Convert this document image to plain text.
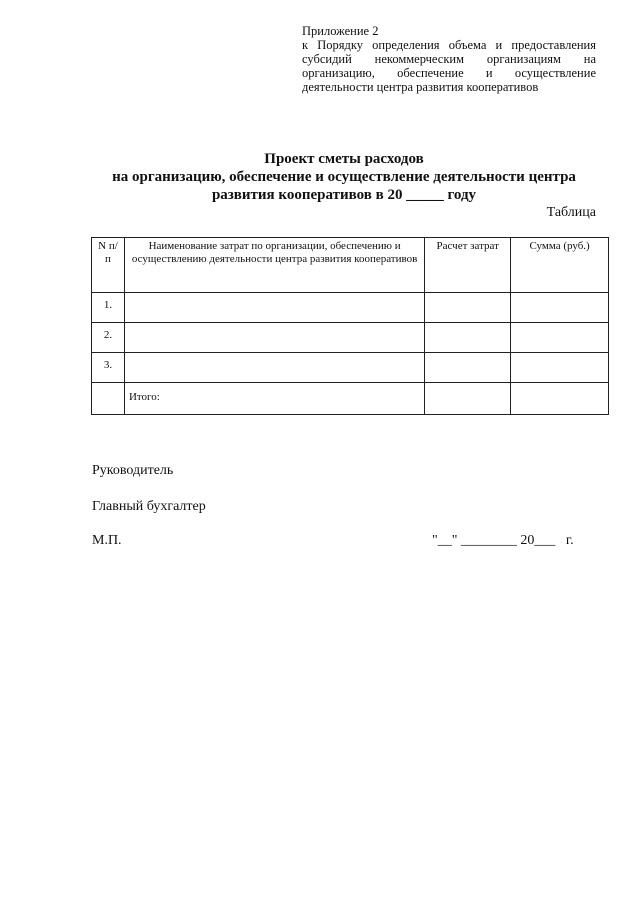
Приложение 2
к Порядку определения объема и предоставления
субсидий некоммерческим организациям на
организацию, обеспечение и осуществление
деятельности центра развития кооперативов
Проект сметы расходов
на организацию, обеспечение и осуществление деятельности центра
развития кооперативов в 20 _____ году
Таблица
N п/п	Наименование затрат по организации, обеспечению и осуществлению деятельности центра развития кооперативов	Расчет затрат	Сумма (руб.)
1.			
2.			
3.			
	Итого:		
Руководитель
Главный бухгалтер
М.П.	"__" ________ 20___   г.
